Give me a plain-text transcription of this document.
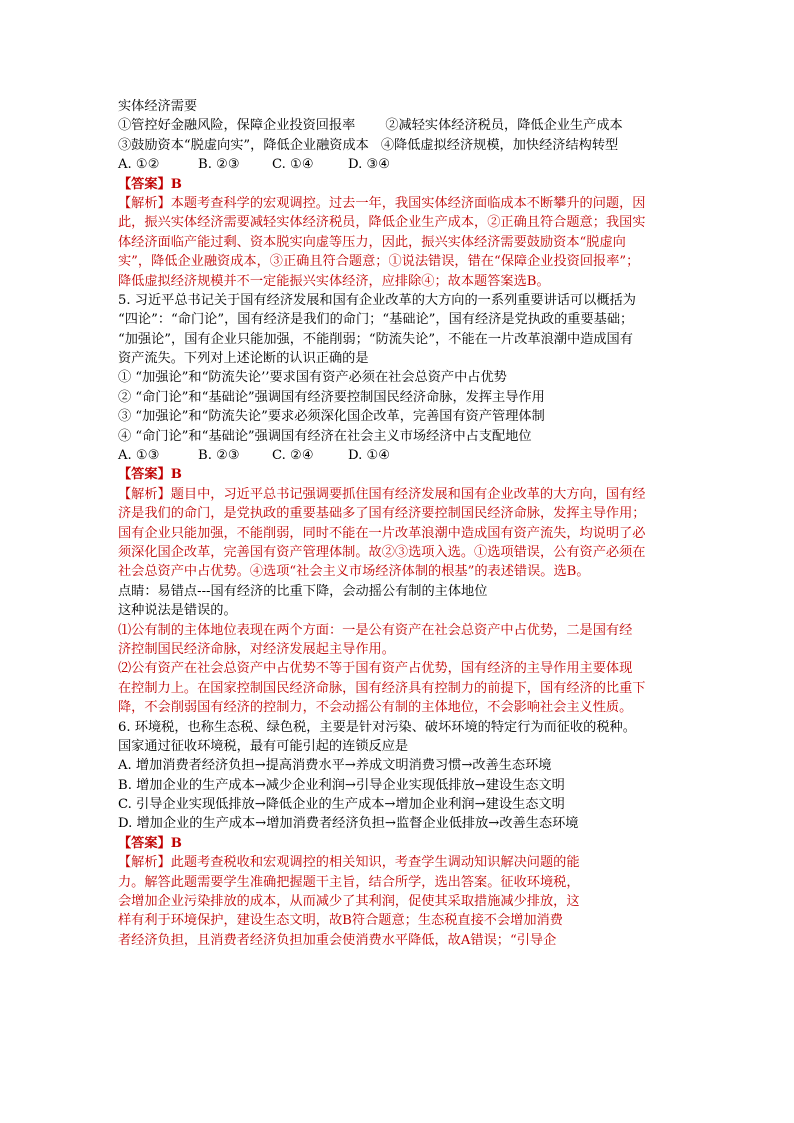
实体经济需要
①管控好金融风险，保障企业投资回报率 ②减轻实体经济税员，降低企业生产成本
③鼓励资本“脱虚向实”，降低企业融资成本 ④降低虚拟经济规模，加快经济结构转型
A. ①②	B. ②③ C. ①④	D. ③④
【答案】B
【解析】本题考查科学的宏观调控。过去一年，我国实体经济面临成本不断攀升的问题，因
此，振兴实体经济需要减轻实体经济税员，降低企业生产成本，②正确且符合题意；我国实
体经济面临产能过剩、资本脱实向虚等压力，因此，振兴实体经济需要鼓励资本“脱虚向
实”，降低企业融资成本，③正确且符合题意；①说法错误，错在“保障企业投资回报率”；
降低虚拟经济规模并不一定能振兴实体经济，应排除④；故本题答案选B。
5. 习近平总书记关于国有经济发展和国有企业改革的大方向的一系列重要讲话可以概括为
“四论”：“命门论”，国有经济是我们的命门；“基础论”，国有经济是党执政的重要基础；
“加强论”，国有企业只能加强，不能削弱；“防流失论”，不能在一片改革浪潮中造成国有
资产流失。下列对上述论断的认识正确的是
① “加强论”和“防流失论’’要求国有资产必须在社会总资产中占优势
② “命门论”和“基础论”强调国有经济要控制国民经济命脉，发挥主导作用
③ “加强论”和“防流失论”要求必须深化国企改革，完善国有资产管理体制
④ “命门论”和“基础论”强调国有经济在社会主义市场经济中占支配地位
A. ①③	B. ②③ C. ②④	D. ①④
【答案】B
【解析】题目中，习近平总书记强调要抓住国有经济发展和国有企业改革的大方向，国有经
济是我们的命门，是党执政的重要基础多了国有经济要控制国民经济命脉，发挥主导作用；
国有企业只能加强，不能削弱，同时不能在一片改革浪潮中造成国有资产流失，均说明了必
须深化国企改革，完善国有资产管理体制。故②③选项入选。①选项错误，公有资产必须在
社会总资产中占优势。④选项“社会主义市场经济体制的根基”的表述错误。选B。
点睛：易错点---国有经济的比重下降，会动摇公有制的主体地位
这种说法是错误的。
⑴公有制的主体地位表现在两个方面：一是公有资产在社会总资产中占优势，二是国有经
济控制国民经济命脉，对经济发展起主导作用。
⑵公有资产在社会总资产中占优势不等于国有资产占优势，国有经济的主导作用主要体现
在控制力上。在国家控制国民经济命脉，国有经济具有控制力的前提下，国有经济的比重下
降，不会削弱国有经济的控制力，不会动摇公有制的主体地位，不会影响社会主义性质。
6. 环境税，也称生态税、绿色税，主要是针对污染、破坏环境的特定行为而征收的税种。
国家通过征收环境税，最有可能引起的连锁反应是
A. 增加消费者经济负担→提高消费水平→养成文明消费习惯→改善生态环境
B. 增加企业的生产成本→减少企业利润→引导企业实现低排放→建设生态文明
C. 引导企业实现低排放→降低企业的生产成本→增加企业利润→建设生态文明
D. 增加企业的生产成本→增加消费者经济负担→监督企业低排放→改善生态环境
【答案】B
【解析】此题考查税收和宏观调控的相关知识，考查学生调动知识解决问题的能
力。解答此题需要学生准确把握题干主旨，结合所学，选出答案。征收环境税，
会增加企业污染排放的成本，从而减少了其利润，促使其采取措施减少排放，这
样有利于环境保护，建设生态文明，故B符合题意；生态税直接不会增加消费
者经济负担，且消费者经济负担加重会使消费水平降低，故A错误；“引导企
